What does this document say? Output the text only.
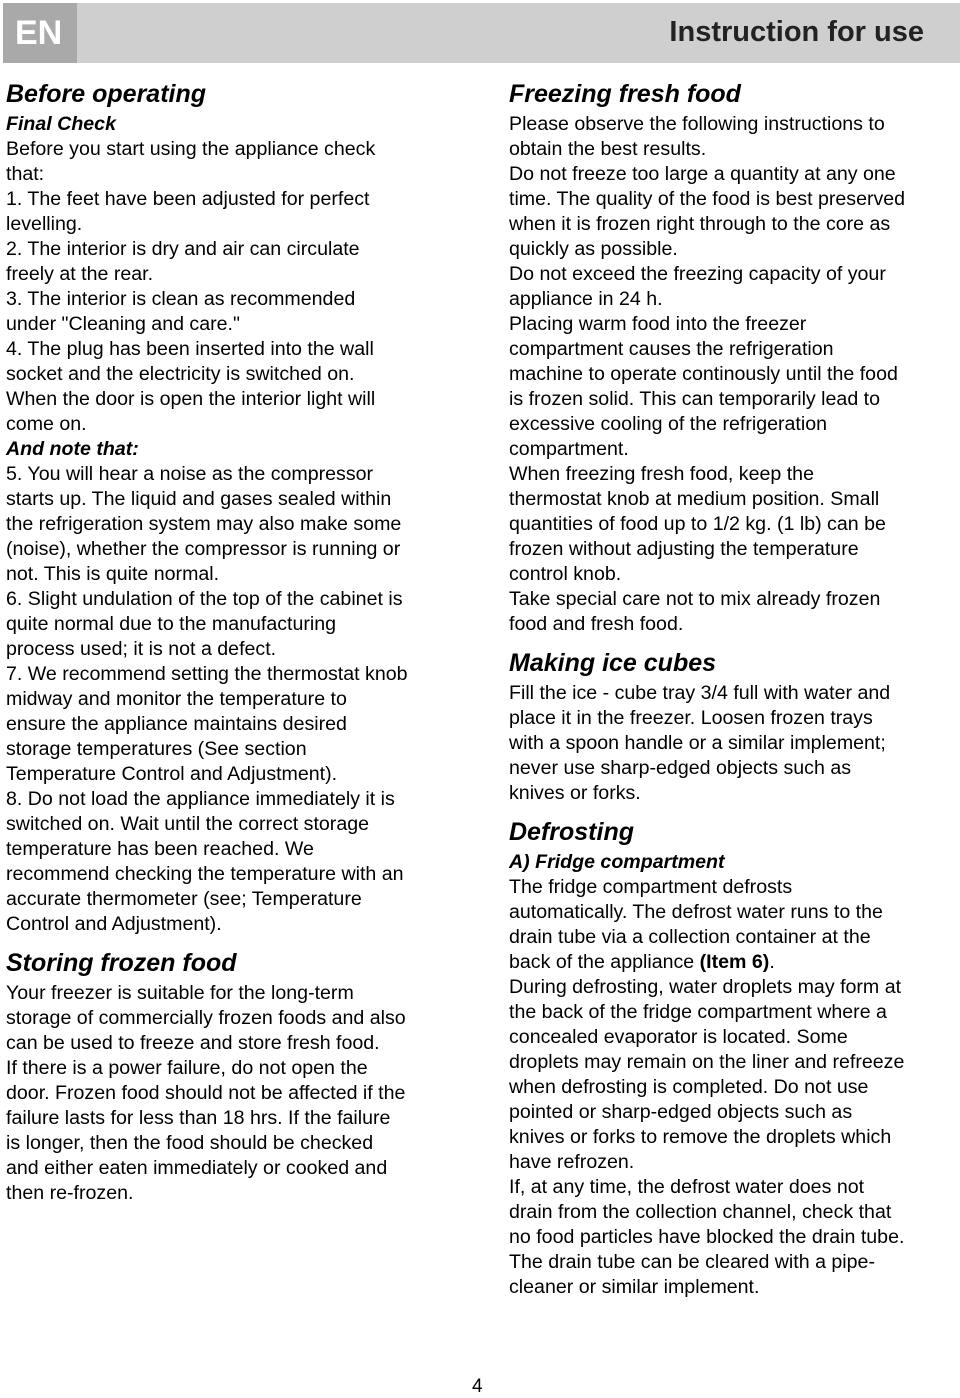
EN	Instruction for use
Before operating
Final Check
Before you start using the appliance check
that:
1. The feet have been adjusted for perfect
levelling.
2. The interior is dry and air can circulate
freely at the rear.
3. The interior is clean as recommended
under "Cleaning and care."
4. The plug has been inserted into the wall
socket and the electricity is switched on.
When the door is open the interior light will
come on.
And note that:
5. You will hear a noise as the compressor
starts up. The liquid and gases sealed within
the refrigeration system may also make some
(noise), whether the compressor is running or
not. This is quite normal.
6. Slight undulation of the top of the cabinet is
quite normal due to the manufacturing
process used; it is not a defect.
7. We recommend setting the thermostat knob
midway and monitor the temperature to
ensure the appliance maintains desired
storage temperatures (See section
Temperature Control and Adjustment).
8. Do not load the appliance immediately it is
switched on. Wait until the correct storage
temperature has been reached. We
recommend checking the temperature with an
accurate thermometer (see; Temperature
Control and Adjustment).
Storing frozen food
Your freezer is suitable for the long-term
storage of commercially frozen foods and also
can be used to freeze and store fresh food.
If there is a power failure, do not open the
door. Frozen food should not be affected if the
failure lasts for less than 18 hrs. If the failure
is longer, then the food should be checked
and either eaten immediately or cooked and
then re-frozen.
Freezing fresh food
Please observe the following instructions to
obtain the best results.
Do not freeze too large a quantity at any one
time. The quality of the food is best preserved
when it is frozen right through to the core as
quickly as possible.
Do not exceed the freezing capacity of your
appliance in 24 h.
Placing warm food into the freezer
compartment causes the refrigeration
machine to operate continously until the food
is frozen solid. This can temporarily lead to
excessive cooling of the refrigeration
compartment.
When freezing fresh food, keep the
thermostat knob at medium position. Small
quantities of food up to 1/2 kg. (1 lb) can be
frozen without adjusting the temperature
control knob.
Take special care not to mix already frozen
food and fresh food.
Making ice cubes
Fill the ice - cube tray 3/4 full with water and
place it in the freezer. Loosen frozen trays
with a spoon handle or a similar implement;
never use sharp-edged objects such as
knives or forks.
Defrosting
A) Fridge compartment
The fridge compartment defrosts
automatically. The defrost water runs to the
drain tube via a collection container at the
back of the appliance (Item 6).
During defrosting, water droplets may form at
the back of the fridge compartment where a
concealed evaporator is located. Some
droplets may remain on the liner and refreeze
when defrosting is completed. Do not use
pointed or sharp-edged objects such as
knives or forks to remove the droplets which
have refrozen.
If, at any time, the defrost water does not
drain from the collection channel, check that
no food particles have blocked the drain tube.
The drain tube can be cleared with a pipe-
cleaner or similar implement.
4
